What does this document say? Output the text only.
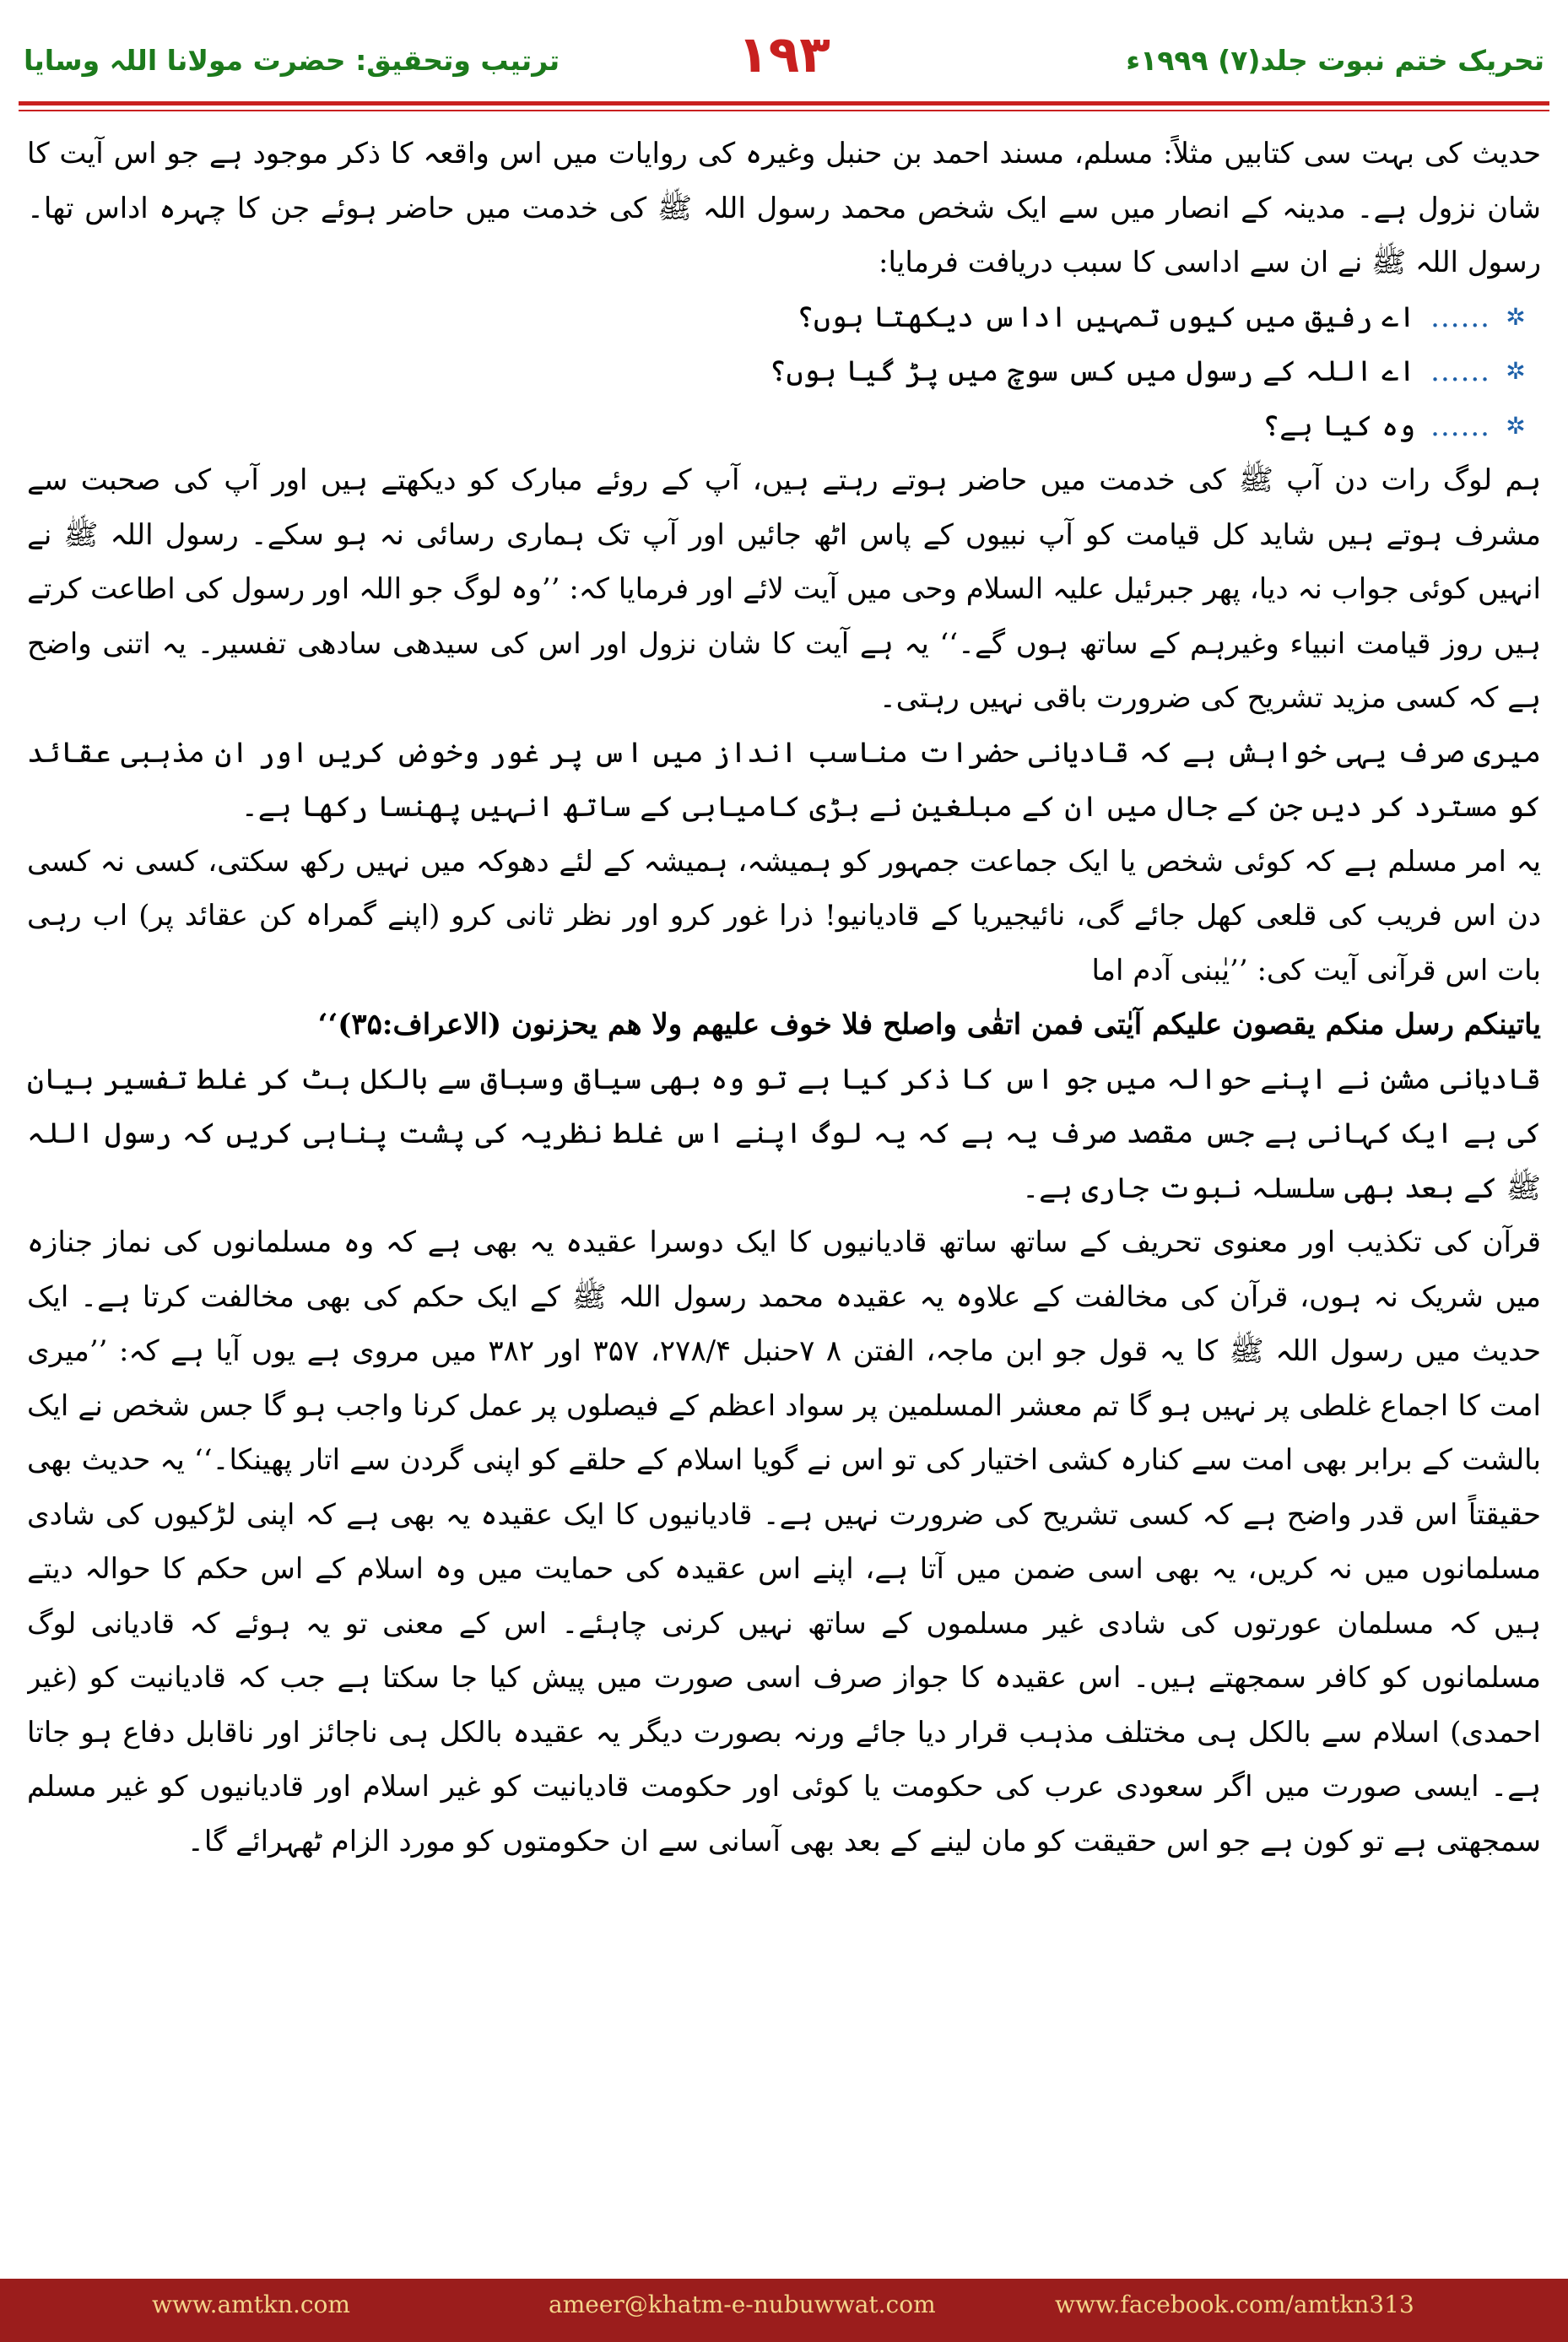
تحریک ختم نبوت جلد(۷) ۱۹۹۹ء
۱۹۳
ترتیب وتحقیق: حضرت مولانا اللہ وسایا

حدیث کی بہت سی کتابیں مثلاً: مسلم، مسند احمد بن حنبل وغیرہ کی روایات میں اس واقعہ کا ذکر موجود ہے جو اس آیت کا شان نزول ہے۔ مدینہ کے انصار میں سے ایک شخص محمد رسول اللہ ﷺ کی خدمت میں حاضر ہوئے جن کا چہرہ اداس تھا۔ رسول اللہ ﷺ نے ان سے اداسی کا سبب دریافت فرمایا:

✲
......
اے رفیق میں کیوں تمہیں اداس دیکھتا ہوں؟
✲
......
اے اللہ کے رسول میں کس سوچ میں پڑ گیا ہوں؟
✲
......
وہ کیا ہے؟

ہم لوگ رات دن آپ ﷺ کی خدمت میں حاضر ہوتے رہتے ہیں، آپ کے روئے مبارک کو دیکھتے ہیں اور آپ کی صحبت سے مشرف ہوتے ہیں شاید کل قیامت کو آپ نبیوں کے پاس اٹھ جائیں اور آپ تک ہماری رسائی نہ ہو سکے۔ رسول اللہ ﷺ نے انہیں کوئی جواب نہ دیا، پھر جبرئیل علیہ السلام وحی میں آیت لائے اور فرمایا کہ: ’’وہ لوگ جو اللہ اور رسول کی اطاعت کرتے ہیں روز قیامت انبیاء وغیرہم کے ساتھ ہوں گے۔‘‘ یہ ہے آیت کا شان نزول اور اس کی سیدھی سادھی تفسیر۔ یہ اتنی واضح ہے کہ کسی مزید تشریح کی ضرورت باقی نہیں رہتی۔

میری صرف یہی خواہش ہے کہ قادیانی حضرات مناسب انداز میں اس پر غور وخوض کریں اور ان مذہبی عقائد کو مسترد کر دیں جن کے جال میں ان کے مبلغین نے بڑی کامیابی کے ساتھ انہیں پھنسا رکھا ہے۔

یہ امر مسلم ہے کہ کوئی شخص یا ایک جماعت جمہور کو ہمیشہ، ہمیشہ کے لئے دھوکہ میں نہیں رکھ سکتی، کسی نہ کسی دن اس فریب کی قلعی کھل جائے گی، نائیجیریا کے قادیانیو! ذرا غور کرو اور نظر ثانی کرو (اپنے گمراہ کن عقائد پر) اب رہی بات اس قرآنی آیت کی: ’’یٰبنی آدم اما

یاتینکم رسل منکم یقصون علیکم آیٰتی فمن اتقٰی واصلح فلا خوف علیھم ولا ھم یحزنون (الاعراف:۳۵)‘‘

قادیانی مشن نے اپنے حوالہ میں جو اس کا ذکر کیا ہے تو وہ بھی سیاق وسباق سے بالکل ہٹ کر غلط تفسیر بیان کی ہے ایک کہانی ہے جس مقصد صرف یہ ہے کہ یہ لوگ اپنے اس غلط نظریہ کی پشت پناہی کریں کہ رسول اللہ ﷺ کے بعد بھی سلسلہ نبوت جاری ہے۔

قرآن کی تکذیب اور معنوی تحریف کے ساتھ ساتھ قادیانیوں کا ایک دوسرا عقیدہ یہ بھی ہے کہ وہ مسلمانوں کی نماز جنازہ میں شریک نہ ہوں، قرآن کی مخالفت کے علاوہ یہ عقیدہ محمد رسول اللہ ﷺ کے ایک حکم کی بھی مخالفت کرتا ہے۔ ایک حدیث میں رسول اللہ ﷺ کا یہ قول جو ابن ماجہ، الفتن ۸ ۷حنبل ۲۷۸/۴، ۳۵۷ اور ۳۸۲ میں مروی ہے یوں آیا ہے کہ: ’’میری امت کا اجماع غلطی پر نہیں ہو گا تم معشر المسلمین پر سواد اعظم کے فیصلوں پر عمل کرنا واجب ہو گا جس شخص نے ایک بالشت کے برابر بھی امت سے کنارہ کشی اختیار کی تو اس نے گویا اسلام کے حلقے کو اپنی گردن سے اتار پھینکا۔‘‘ یہ حدیث بھی حقیقتاً اس قدر واضح ہے کہ کسی تشریح کی ضرورت نہیں ہے۔ قادیانیوں کا ایک عقیدہ یہ بھی ہے کہ اپنی لڑکیوں کی شادی مسلمانوں میں نہ کریں، یہ بھی اسی ضمن میں آتا ہے، اپنے اس عقیدہ کی حمایت میں وہ اسلام کے اس حکم کا حوالہ دیتے ہیں کہ مسلمان عورتوں کی شادی غیر مسلموں کے ساتھ نہیں کرنی چاہئے۔ اس کے معنی تو یہ ہوئے کہ قادیانی لوگ مسلمانوں کو کافر سمجھتے ہیں۔ اس عقیدہ کا جواز صرف اسی صورت میں پیش کیا جا سکتا ہے جب کہ قادیانیت کو (غیر احمدی) اسلام سے بالکل ہی مختلف مذہب قرار دیا جائے ورنہ بصورت دیگر یہ عقیدہ بالکل ہی ناجائز اور ناقابل دفاع ہو جاتا ہے۔ ایسی صورت میں اگر سعودی عرب کی حکومت یا کوئی اور حکومت قادیانیت کو غیر اسلام اور قادیانیوں کو غیر مسلم سمجھتی ہے تو کون ہے جو اس حقیقت کو مان لینے کے بعد بھی آسانی سے ان حکومتوں کو مورد الزام ٹھہرائے گا۔

www.amtkn.com	ameer@khatm-e-nubuwwat.com	www.facebook.com/amtkn313
